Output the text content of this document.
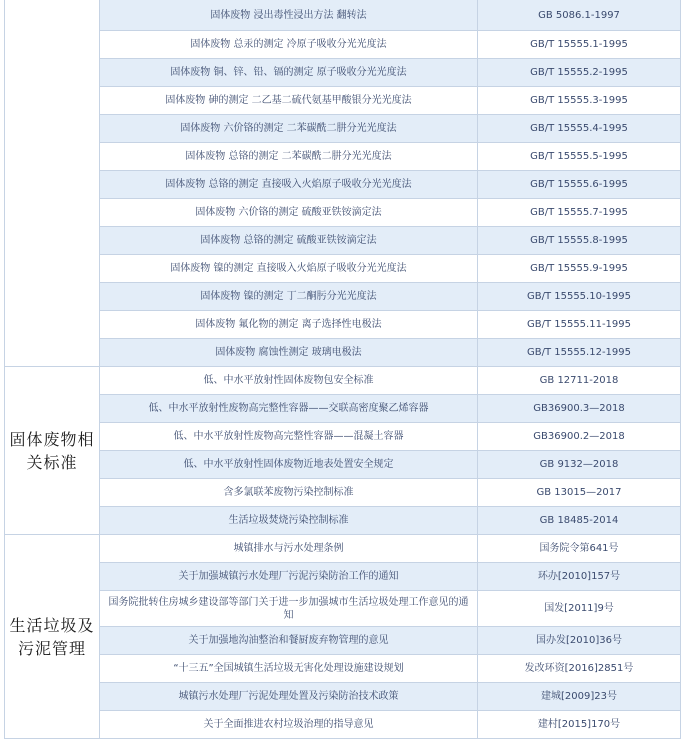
	固体废物 浸出毒性浸出方法 翻转法	GB 5086.1-1997
	固体废物 总汞的测定 冷原子吸收分光光度法	GB/T 15555.1-1995
	固体废物 铜、锌、铅、镉的测定 原子吸收分光光度法	GB/T 15555.2-1995
	固体废物 砷的测定 二乙基二硫代氨基甲酸银分光光度法	GB/T 15555.3-1995
	固体废物 六价铬的测定 二苯碳酰二肼分光光度法	GB/T 15555.4-1995
	固体废物 总铬的测定 二苯碳酰二肼分光光度法	GB/T 15555.5-1995
	固体废物 总铬的测定 直接吸入火焰原子吸收分光光度法	GB/T 15555.6-1995
	固体废物 六价铬的测定 硫酸亚铁铵滴定法	GB/T 15555.7-1995
	固体废物 总铬的测定 硫酸亚铁铵滴定法	GB/T 15555.8-1995
	固体废物 镍的测定 直接吸入火焰原子吸收分光光度法	GB/T 15555.9-1995
	固体废物 镍的测定 丁二酮肟分光光度法	GB/T 15555.10-1995
	固体废物 氟化物的测定 离子选择性电极法	GB/T 15555.11-1995
	固体废物 腐蚀性测定 玻璃电极法	GB/T 15555.12-1995
固体废物相关标准	低、中水平放射性固体废物包安全标准	GB 12711-2018
	低、中水平放射性废物高完整性容器——交联高密度聚乙烯容器	GB36900.3—2018
	低、中水平放射性废物高完整性容器——混凝土容器	GB36900.2—2018
	低、中水平放射性固体废物近地表处置安全规定	GB 9132—2018
	含多氯联苯废物污染控制标准	GB 13015—2017
	生活垃圾焚烧污染控制标准	GB 18485-2014
生活垃圾及污泥管理	城镇排水与污水处理条例	国务院令第641号
	关于加强城镇污水处理厂污泥污染防治工作的通知	环办[2010]157号
	国务院批转住房城乡建设部等部门关于进一步加强城市生活垃圾处理工作意见的通知	国发[2011]9号
	关于加强地沟油整治和餐厨废弃物管理的意见	国办发[2010]36号
	“十三五”全国城镇生活垃圾无害化处理设施建设规划	发改环资[2016]2851号
	城镇污水处理厂污泥处理处置及污染防治技术政策	建城[2009]23号
	关于全面推进农村垃圾治理的指导意见	建村[2015]170号
